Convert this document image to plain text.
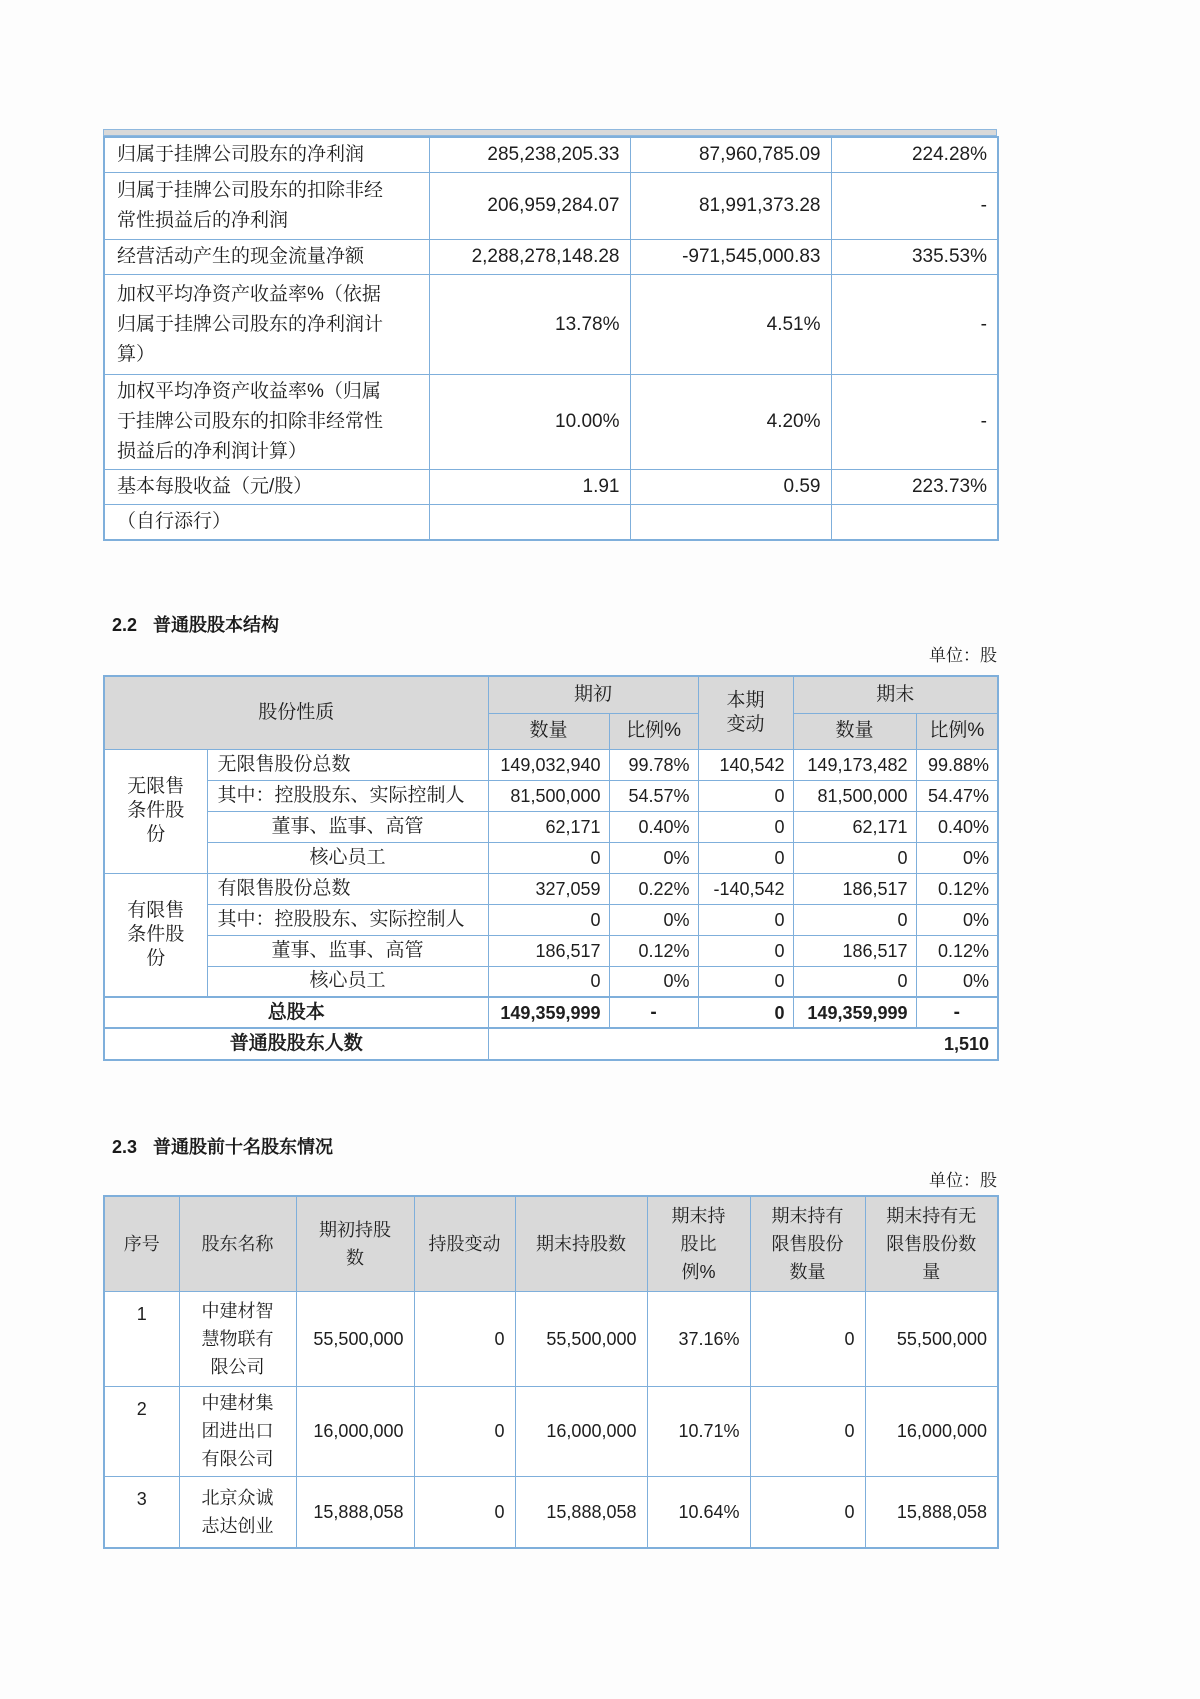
归属于挂牌公司股东的净利润	285,238,205.33	87,960,785.09	224.28%
归属于挂牌公司股东的扣除非经常性损益后的净利润	206,959,284.07	81,991,373.28	-
经营活动产生的现金流量净额	2,288,278,148.28	-971,545,000.83	335.53%
加权平均净资产收益率%（依据归属于挂牌公司股东的净利润计算）	13.78%	4.51%	-
加权平均净资产收益率%（归属于挂牌公司股东的扣除非经常性损益后的净利润计算）	10.00%	4.20%	-
基本每股收益（元/股）	1.91	0.59	223.73%
（自行添行）			
2.2 普通股股本结构
单位：股
股份性质		期初		本期变动	期末	
		数量	比例%		数量	比例%

无限售条件股份	无限售股份总数	149,032,940	99.78%	140,542	149,173,482	99.88%
	其中：控股股东、实际控制人	81,500,000	54.57%	0	81,500,000	54.47%
	董事、监事、高管	62,171	0.40%	0	62,171	0.40%
	核心员工	0	0%	0	0	0%

有限售条件股份	有限售股份总数	327,059	0.22%	-140,542	186,517	0.12%
	其中：控股股东、实际控制人	0	0%	0	0	0%
	董事、监事、高管	186,517	0.12%	0	186,517	0.12%
	核心员工	0	0%	0	0	0%
总股本		149,359,999	-	0	149,359,999	-
普通股股东人数		1,510				
2.3 普通股前十名股东情况
单位：股
序号	股东名称	期初持股数	持股变动	期末持股数	期末持股比例%	期末持有限售股份数量	期末持有无限售股份数量

1	中建材智慧物联有限公司	55,500,000	0	55,500,000	37.16%	0	55,500,000
2	中建材集团进出口有限公司	16,000,000	0	16,000,000	10.71%	0	16,000,000
3	北京众诚志达创业	15,888,058	0	15,888,058	10.64%	0	15,888,058
